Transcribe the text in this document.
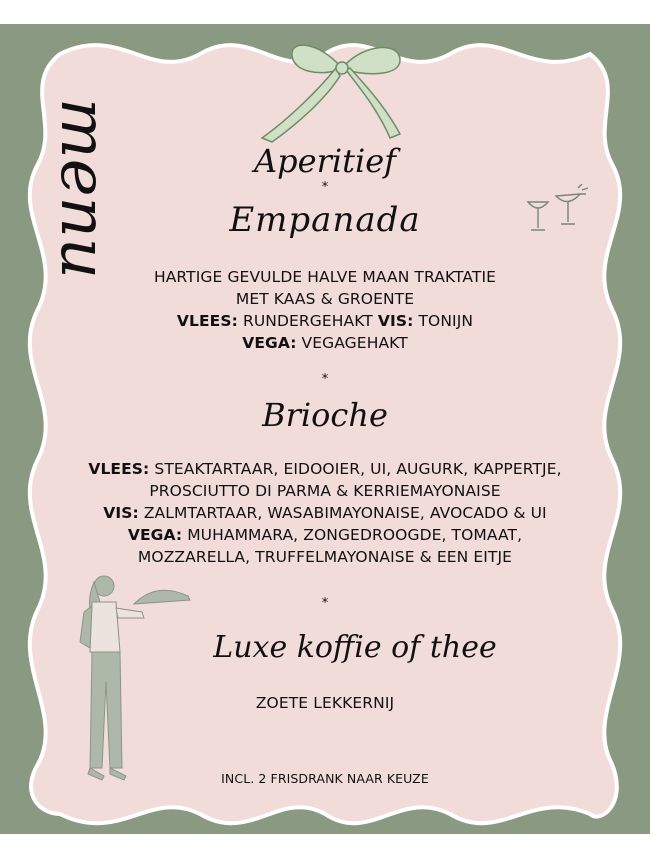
menu	Aperitief
*
Empanada
HARTIGE GEVULDE HALVE MAAN TRAKTATIE
MET KAAS & GROENTE
VLEES: RUNDERGEHAKT VIS: TONIJN
VEGA: VEGAGEHAKT
*
Brioche
VLEES: STEAKTARTAAR, EIDOOIER, UI, AUGURK, KAPPERTJE,
PROSCIUTTO DI PARMA & KERRIEMAYONAISE
VIS: ZALMTARTAAR, WASABIMAYONAISE, AVOCADO & UI
VEGA: MUHAMMARA, ZONGEDROOGDE, TOMAAT,
MOZZARELLA, TRUFFELMAYONAISE & EEN EITJE
*
Luxe koffie of thee
ZOETE LEKKERNIJ
INCL. 2 FRISDRANK NAAR KEUZE
